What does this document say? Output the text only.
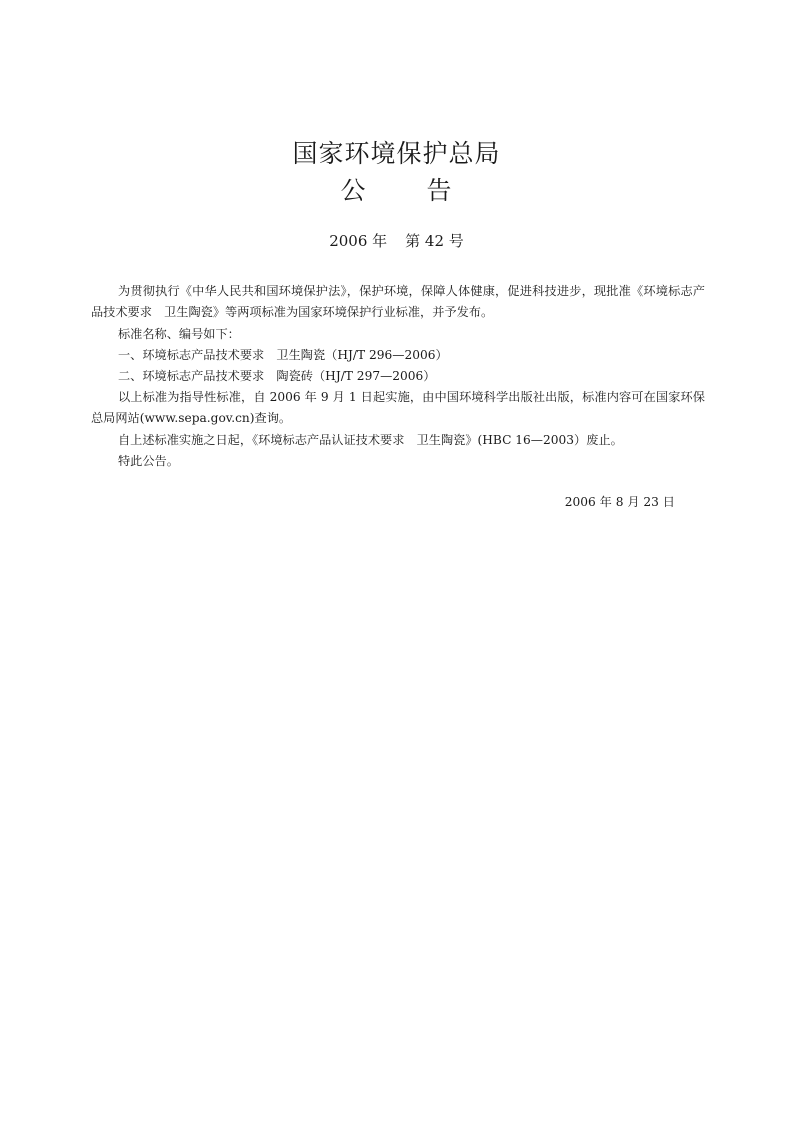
国家环境保护总局
公 告
2006 年 第 42 号

为贯彻执行《中华人民共和国环境保护法》，保护环境，保障人体健康，促进科技进步，现批准《环境标志产品技术要求　卫生陶瓷》等两项标准为国家环境保护行业标准，并予发布。

标准名称、编号如下：

一、环境标志产品技术要求　卫生陶瓷（HJ/T 296—2006）

二、环境标志产品技术要求　陶瓷砖（HJ/T 297—2006）

以上标准为指导性标准，自 2006 年 9 月 1 日起实施，由中国环境科学出版社出版，标准内容可在国家环保总局网站(www.sepa.gov.cn)查询。

自上述标准实施之日起，《环境标志产品认证技术要求　卫生陶瓷》(HBC 16—2003）废止。

特此公告。

2006 年 8 月 23 日
